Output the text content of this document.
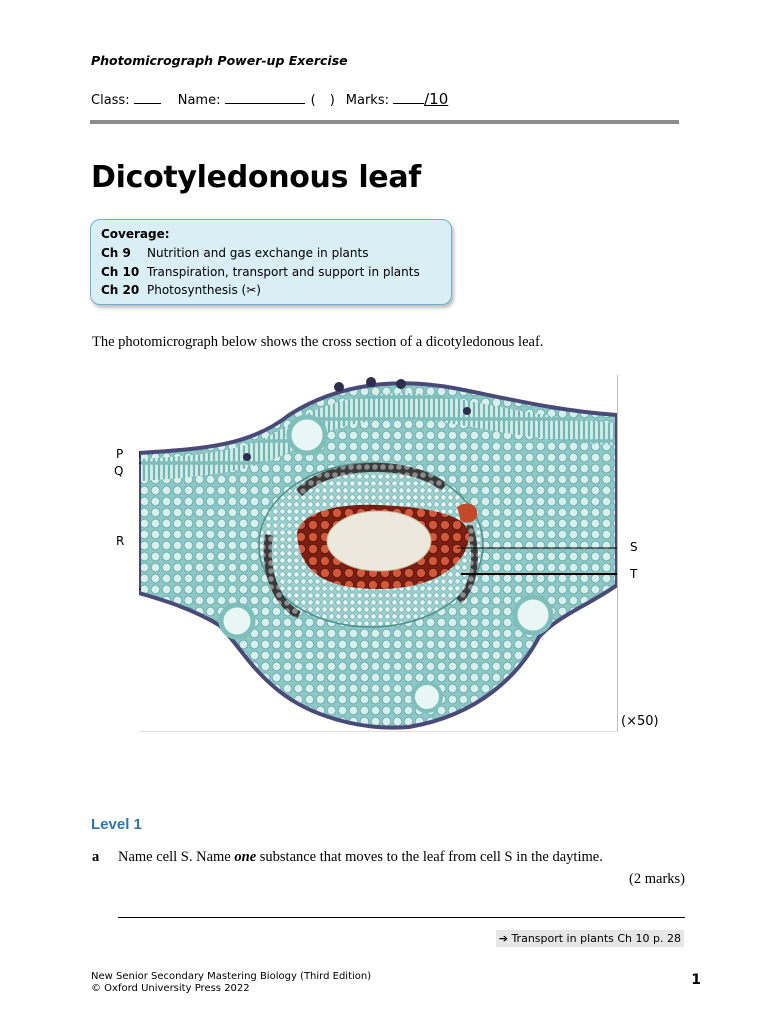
Photomicrograph Power-up Exercise
Class:
	Name:
	( ) Marks:
/10
Dicotyledonous leaf
Coverage:
Ch 9	Nutrition and gas exchange in plants
Ch 10 Transpiration, transport and support in plants
Ch 20 Photosynthesis (✂)
The photomicrograph below shows the cross section of a dicotyledonous leaf.
P
Q
R	S
T
(×50)
Level 1
a Name cell S. Name one substance that moves to the leaf from cell S in the daytime.
(2 marks)
➔ Transport in plants Ch 10 p. 28
New Senior Secondary Mastering Biology (Third Edition)
© Oxford University Press 2022
1
